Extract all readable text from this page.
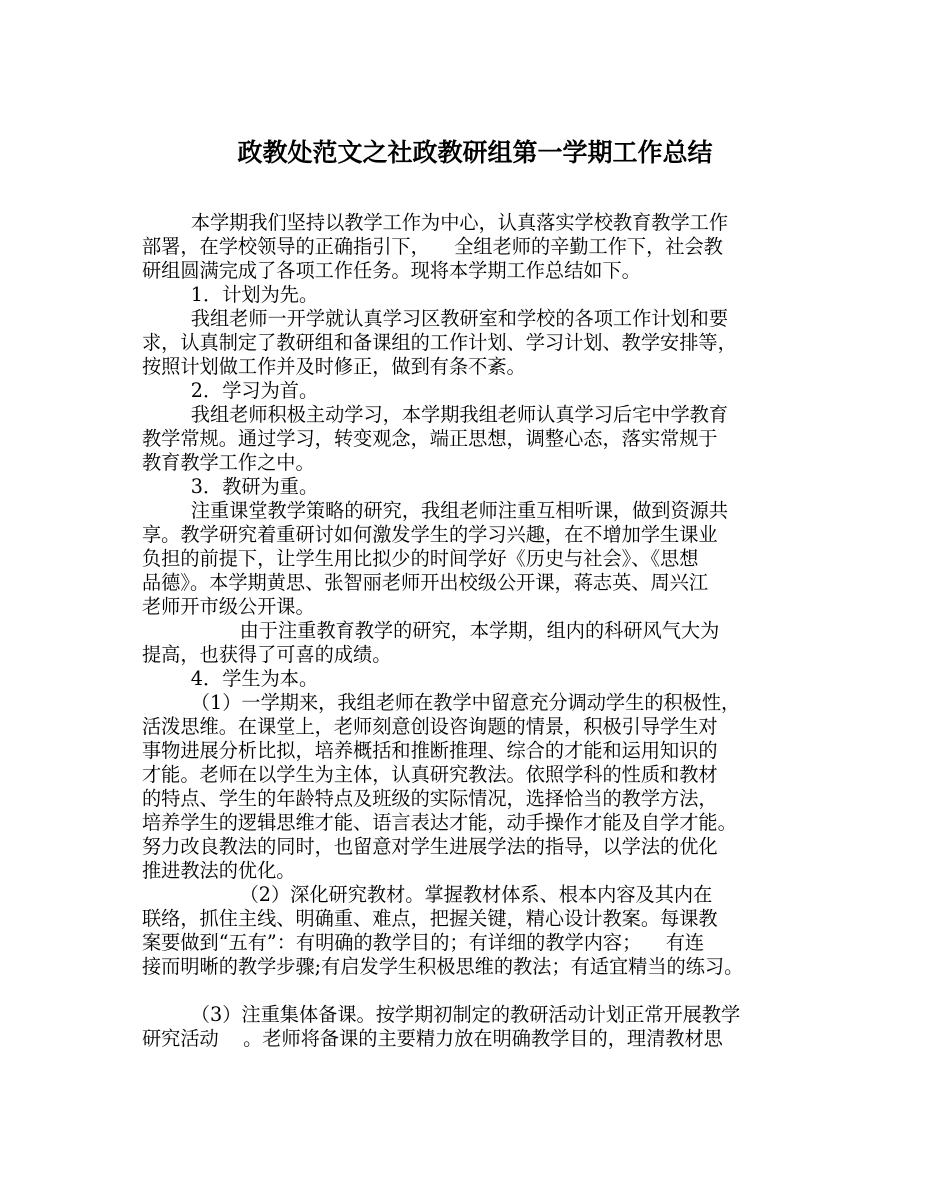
政教处范文之社政教研组第一学期工作总结
本学期我们坚持以教学工作为中心，认真落实学校教育教学工作
部署，在学校领导的正确指引下，    全组老师的辛勤工作下，社会教
研组圆满完成了各项工作任务。现将本学期工作总结如下。
1．计划为先。
我组老师一开学就认真学习区教研室和学校的各项工作计划和要
求，认真制定了教研组和备课组的工作计划、学习计划、教学安排等，
按照计划做工作并及时修正，做到有条不紊。
2．学习为首。
我组老师积极主动学习，本学期我组老师认真学习后宅中学教育
教学常规。通过学习，转变观念，端正思想，调整心态，落实常规于
教育教学工作之中。
3．教研为重。
注重课堂教学策略的研究，我组老师注重互相听课，做到资源共
享。教学研究着重研讨如何激发学生的学习兴趣，在不增加学生课业
负担的前提下，让学生用比拟少的时间学好《历史与社会》、《思想
品德》。本学期黄思、张智丽老师开出校级公开课，蒋志英、周兴江
老师开市级公开课。
由于注重教育教学的研究，本学期，组内的科研风气大为
提高，也获得了可喜的成绩。
4．学生为本。
（1）一学期来，我组老师在教学中留意充分调动学生的积极性，
活泼思维。在课堂上，老师刻意创设咨询题的情景，积极引导学生对
事物进展分析比拟，培养概括和推断推理、综合的才能和运用知识的
才能。老师在以学生为主体，认真研究教法。依照学科的性质和教材
的特点、学生的年龄特点及班级的实际情况，选择恰当的教学方法，
培养学生的逻辑思维才能、语言表达才能，动手操作才能及自学才能。
努力改良教法的同时，也留意对学生进展学法的指导，以学法的优化
推进教法的优化。
（2）深化研究教材。掌握教材体系、根本内容及其内在
联络，抓住主线、明确重、难点，把握关键，精心设计教案。每课教
案要做到“五有”：有明确的教学目的；有详细的教学内容；    有连
接而明晰的教学步骤;有启发学生积极思维的教法；有适宜精当的练习。
（3）注重集体备课。按学期初制定的教研活动计划正常开展教学
研究活动    。老师将备课的主要精力放在明确教学目的，理清教材思
